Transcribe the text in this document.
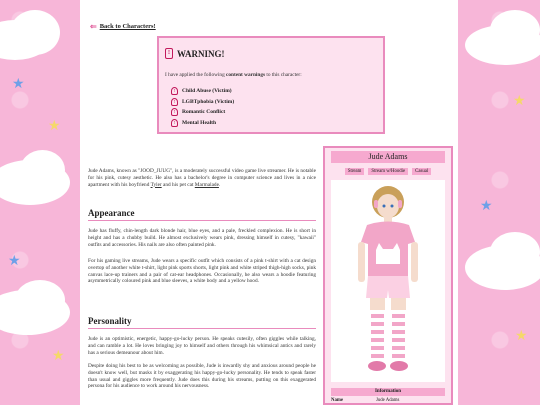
★
★
★
★
★
★
★
⇐ Back to Characters!
! WARNING!
I have applied the following content warnings to this character:
!	Child Abuse (Victim)
!	LGBTphobia (Victim)
!	Romantic Conflict
!	Mental Health
Jude Adams, known as "JOOD_JUUG", is a moderately successful video game live streamer. He is notable for his pink, cutesy aesthetic. He also has a bachelor's degree in computer science and lives in a nice apartment with his boyfriend Tyler and his pet cat Marmalade.
Appearance
Jude has fluffy, chin-length dark blonde hair, blue eyes, and a pale, freckled complexion. He is short in height and has a chubby build. He almost exclusively wears pink, dressing himself in cutesy, "kawaii" outfits and accessories. His nails are also often painted pink.
For his gaming live streams, Jude wears a specific outfit which consists of a pink t-shirt with a cat design overtop of another white t-shirt, light pink sports shorts, light pink and white striped thigh-high socks, pink canvas lace-up trainers and a pair of cat-ear headphones. Occasionally, he also wears a hoodie featuring asymmetrically coloured pink and blue sleeves, a white body and a yellow hood.
Personality
Jude is an optimistic, energetic, happy-go-lucky person. He speaks cutesily, often giggles while talking, and can ramble a lot. He loves bringing joy to himself and others through his whimsical antics and rarely has a serious demeanour about him.
Despite doing his best to be as welcoming as possible, Jude is inwardly shy and anxious around people he doesn't know well, but masks it by exaggerating his happy-go-lucky personality. He tends to speak faster than usual and giggles more frequently. Jude does this during his streams, putting on this exaggerated persona for his audience to work around his nervousness.
Jude Adams
Stream	Stream w/Hoodie	Casual
Information
Name	Jude Adams
